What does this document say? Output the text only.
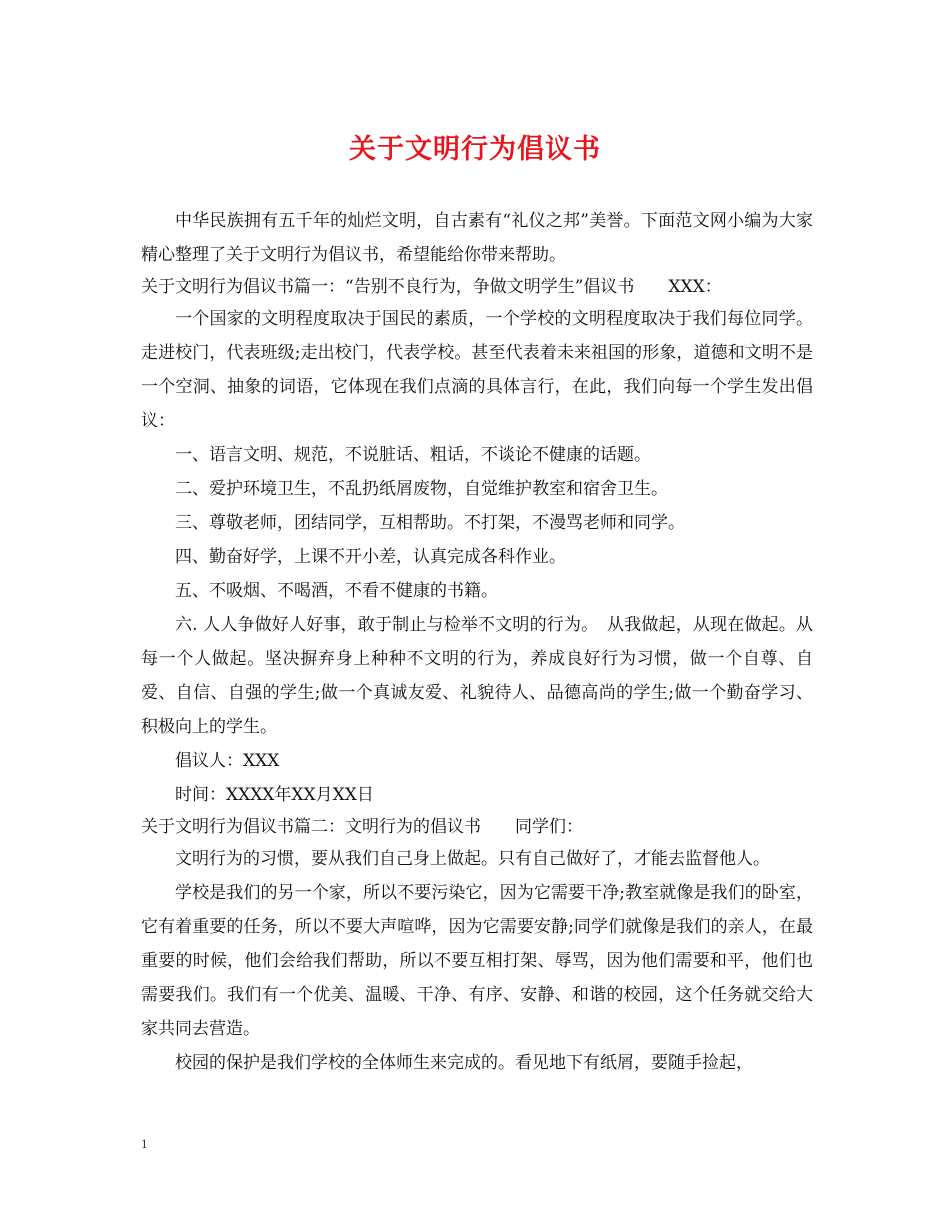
关于文明行为倡议书

中华民族拥有五千年的灿烂文明，自古素有“礼仪之邦”美誉。下面范文网小编为大家精心整理了关于文明行为倡议书，希望能给你带来帮助。

关于文明行为倡议书篇一：“告别不良行为，争做文明学生”倡议书　　XXX：

一个国家的文明程度取决于国民的素质，一个学校的文明程度取决于我们每位同学。走进校门，代表班级;走出校门，代表学校。甚至代表着未来祖国的形象，道德和文明不是一个空洞、抽象的词语，它体现在我们点滴的具体言行，在此，我们向每一个学生发出倡议：

一、语言文明、规范，不说脏话、粗话，不谈论不健康的话题。

二、爱护环境卫生，不乱扔纸屑废物，自觉维护教室和宿舍卫生。

三、尊敬老师，团结同学，互相帮助。不打架，不漫骂老师和同学。

四、勤奋好学，上课不开小差，认真完成各科作业。

五、不吸烟、不喝酒，不看不健康的书籍。

六. 人人争做好人好事，敢于制止与检举不文明的行为。　从我做起，从现在做起。从每一个人做起。坚决摒弃身上种种不文明的行为，养成良好行为习惯，做一个自尊、自爱、自信、自强的学生;做一个真诚友爱、礼貌待人、品德高尚的学生;做一个勤奋学习、积极向上的学生。

倡议人：XXX

时间：XXXX年XX月XX日

关于文明行为倡议书篇二：文明行为的倡议书　　同学们：

文明行为的习惯，要从我们自己身上做起。只有自己做好了，才能去监督他人。

学校是我们的另一个家，所以不要污染它，因为它需要干净;教室就像是我们的卧室，它有着重要的任务，所以不要大声喧哗，因为它需要安静;同学们就像是我们的亲人，在最重要的时候，他们会给我们帮助，所以不要互相打架、辱骂，因为他们需要和平，他们也需要我们。我们有一个优美、温暖、干净、有序、安静、和谐的校园，这个任务就交给大家共同去营造。

校园的保护是我们学校的全体师生来完成的。看见地下有纸屑，要随手捡起，

1
